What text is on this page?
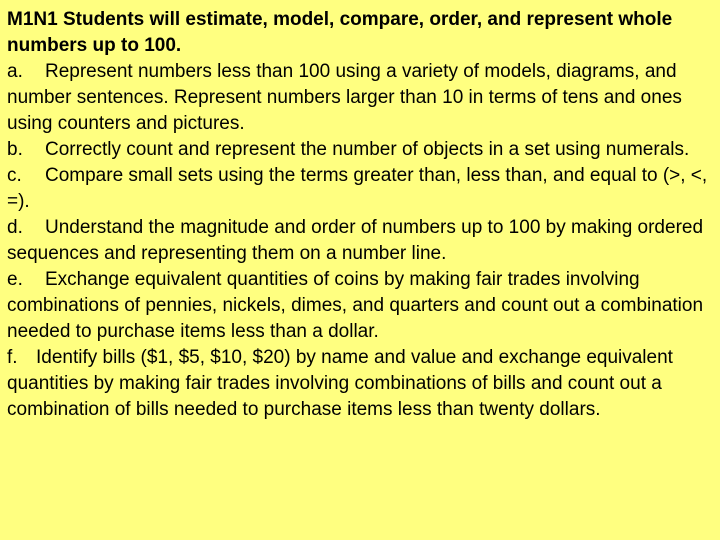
M1N1 Students will estimate, model, compare, order, and represent whole numbers up to 100.

a. Represent numbers less than 100 using a variety of models, diagrams, and number sentences. Represent numbers larger than 10 in terms of tens and ones using counters and pictures.

b. Correctly count and represent the number of objects in a set using numerals.

c. Compare small sets using the terms greater than, less than, and equal to (>, <, =).

d. Understand the magnitude and order of numbers up to 100 by making ordered sequences and representing them on a number line.

e. Exchange equivalent quantities of coins by making fair trades involving combinations of pennies, nickels, dimes, and quarters and count out a combination needed to purchase items less than a dollar.

f. Identify bills ($1, $5, $10, $20) by name and value and exchange equivalent quantities by making fair trades involving combinations of bills and count out a combination of bills needed to purchase items less than twenty dollars.
